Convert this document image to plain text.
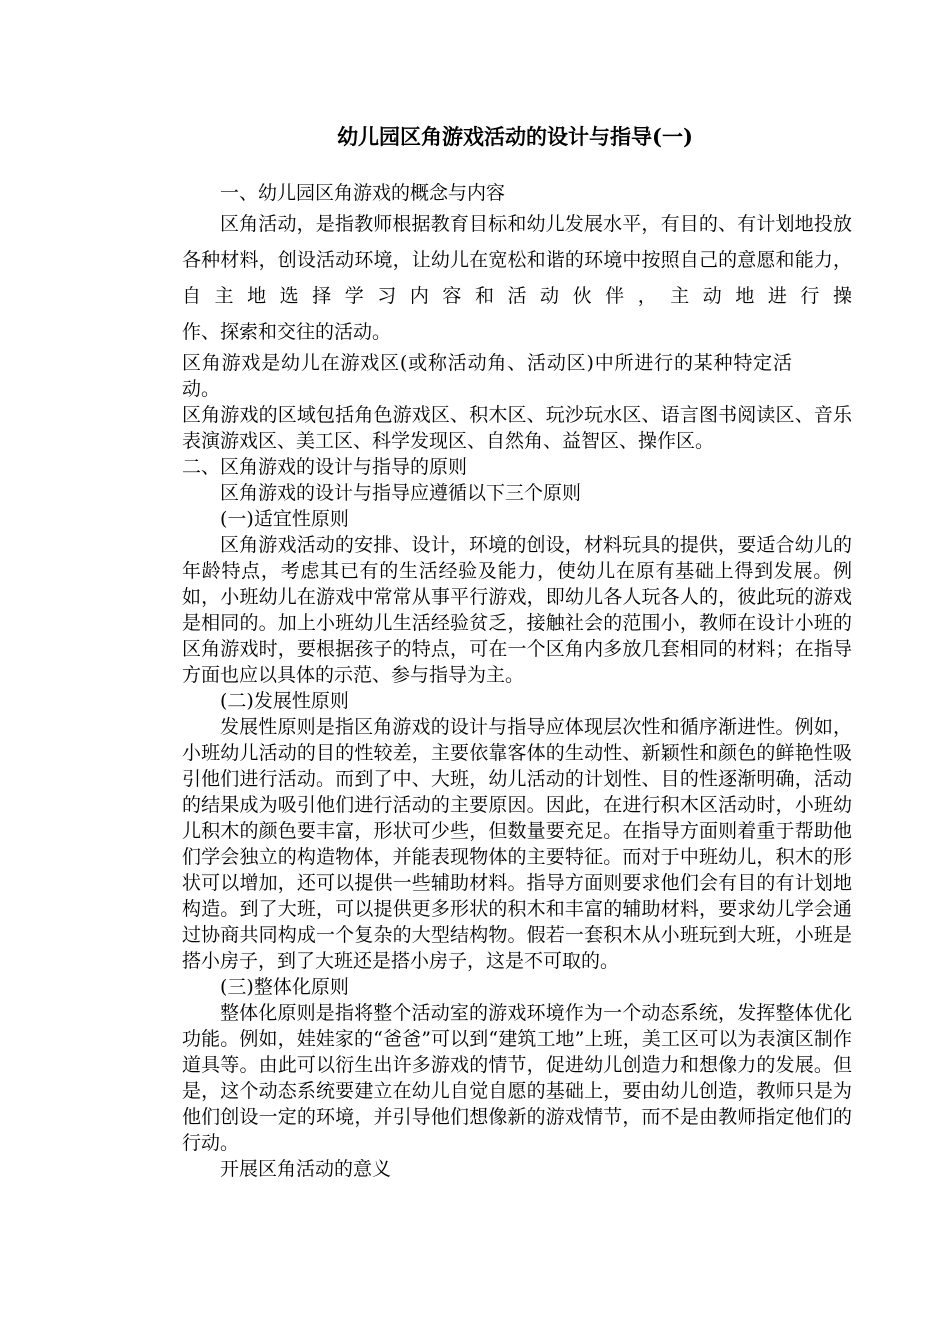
幼儿园区角游戏活动的设计与指导(一)

一、幼儿园区角游戏的概念与内容

区角活动，是指教师根据教育目标和幼儿发展水平，有目的、有计划地投放各种材料，创设活动环境，让幼儿在宽松和谐的环境中按照自己的意愿和能力，自主地选择学习内容和活动伙伴，主动地进行操

作、探索和交往的活动。

区角游戏是幼儿在游戏区(或称活动角、活动区)中所进行的某种特定活动。

区角游戏的区域包括角色游戏区、积木区、玩沙玩水区、语言图书阅读区、音乐表演游戏区、美工区、科学发现区、自然角、益智区、操作区。

二、区角游戏的设计与指导的原则

区角游戏的设计与指导应遵循以下三个原则

(一)适宜性原则

区角游戏活动的安排、设计，环境的创设，材料玩具的提供，要适合幼儿的年龄特点，考虑其已有的生活经验及能力，使幼儿在原有基础上得到发展。例如，小班幼儿在游戏中常常从事平行游戏，即幼儿各人玩各人的，彼此玩的游戏是相同的。加上小班幼儿生活经验贫乏，接触社会的范围小，教师在设计小班的区角游戏时，要根据孩子的特点，可在一个区角内多放几套相同的材料；在指导方面也应以具体的示范、参与指导为主。

(二)发展性原则

发展性原则是指区角游戏的设计与指导应体现层次性和循序渐进性。例如，小班幼儿活动的目的性较差，主要依靠客体的生动性、新颖性和颜色的鲜艳性吸引他们进行活动。而到了中、大班，幼儿活动的计划性、目的性逐渐明确，活动的结果成为吸引他们进行活动的主要原因。因此，在进行积木区活动时，小班幼儿积木的颜色要丰富，形状可少些，但数量要充足。在指导方面则着重于帮助他们学会独立的构造物体，并能表现物体的主要特征。而对于中班幼儿，积木的形状可以增加，还可以提供一些辅助材料。指导方面则要求他们会有目的有计划地构造。到了大班，可以提供更多形状的积木和丰富的辅助材料，要求幼儿学会通过协商共同构成一个复杂的大型结构物。假若一套积木从小班玩到大班，小班是搭小房子，到了大班还是搭小房子，这是不可取的。

(三)整体化原则

整体化原则是指将整个活动室的游戏环境作为一个动态系统，发挥整体优化功能。例如，娃娃家的“爸爸”可以到“建筑工地”上班，美工区可以为表演区制作道具等。由此可以衍生出许多游戏的情节，促进幼儿创造力和想像力的发展。但是，这个动态系统要建立在幼儿自觉自愿的基础上，要由幼儿创造，教师只是为他们创设一定的环境，并引导他们想像新的游戏情节，而不是由教师指定他们的行动。

开展区角活动的意义
